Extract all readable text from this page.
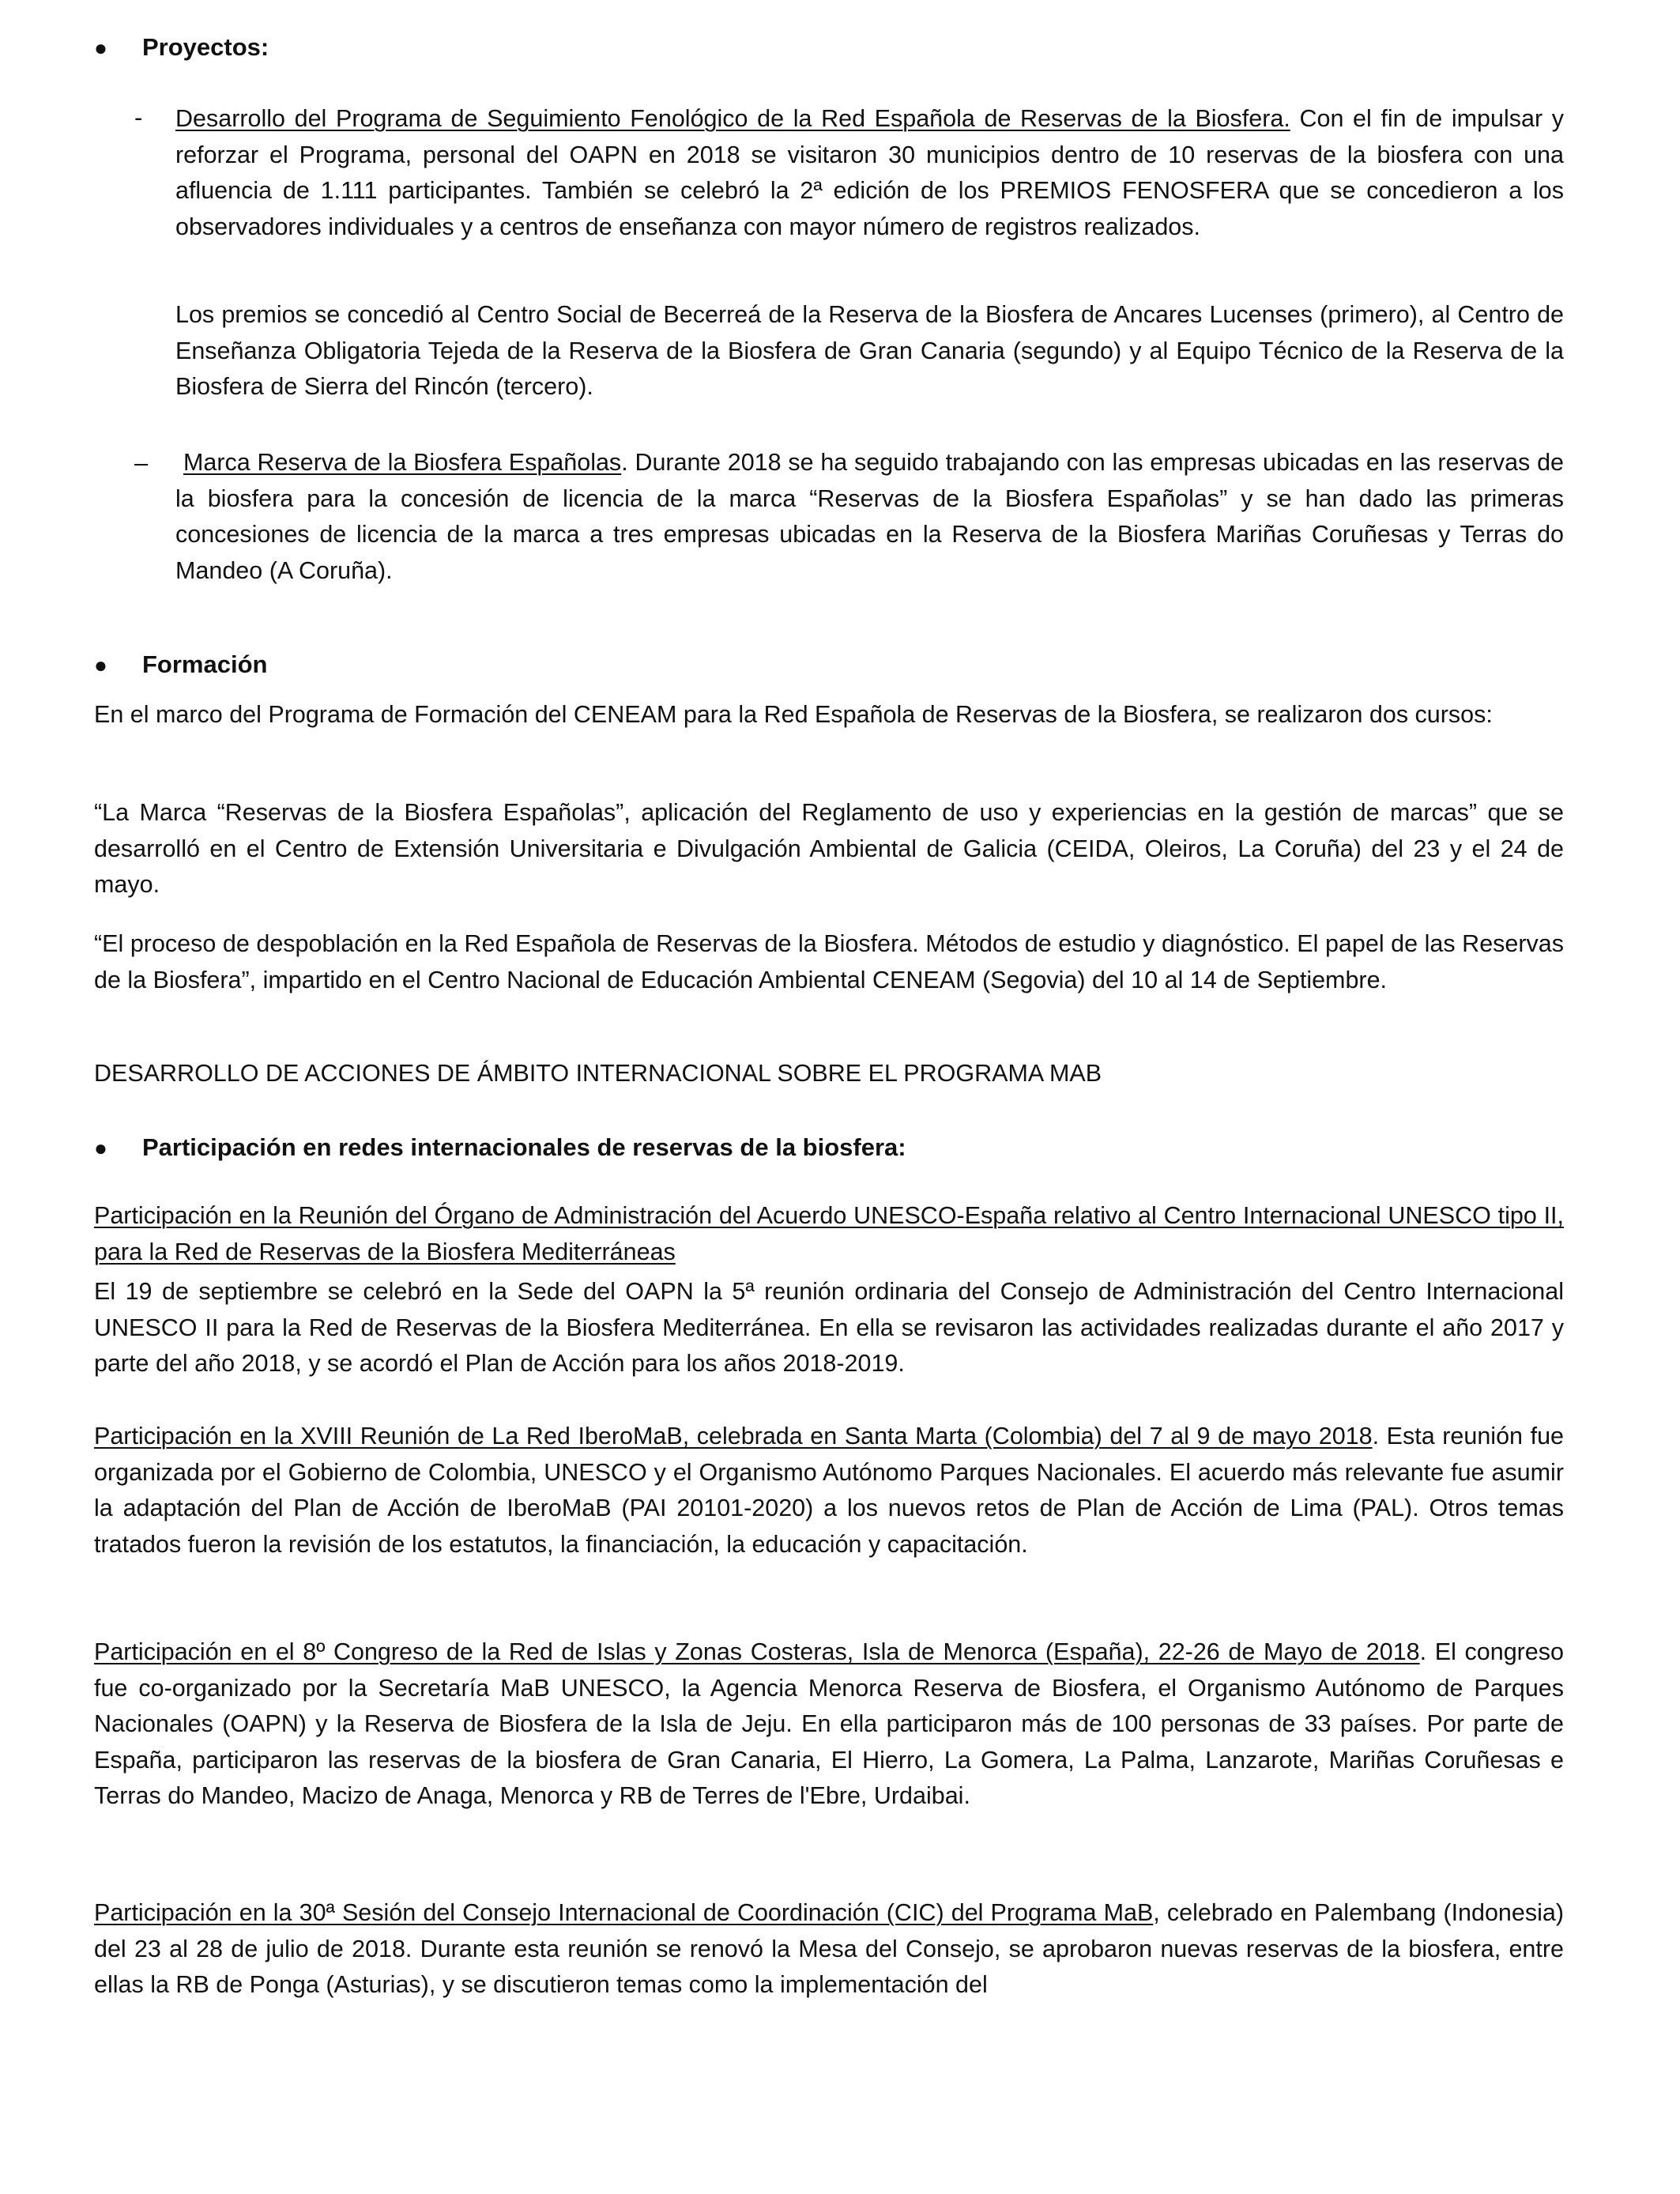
● Proyectos:

- Desarrollo del Programa de Seguimiento Fenológico de la Red Española de Reservas de la Biosfera. Con el fin de impulsar y reforzar el Programa, personal del OAPN en 2018 se visitaron 30 municipios dentro de 10 reservas de la biosfera con una afluencia de 1.111 participantes. También se celebró la 2ª edición de los PREMIOS FENOSFERA que se concedieron a los observadores individuales y a centros de enseñanza con mayor número de registros realizados.

Los premios se concedió al Centro Social de Becerreá de la Reserva de la Biosfera de Ancares Lucenses (primero), al Centro de Enseñanza Obligatoria Tejeda de la Reserva de la Biosfera de Gran Canaria (segundo) y al Equipo Técnico de la Reserva de la Biosfera de Sierra del Rincón (tercero).

–	Marca Reserva de la Biosfera Españolas. Durante 2018 se ha seguido trabajando con las empresas ubicadas en las reservas de la biosfera para la concesión de licencia de la marca “Reservas de la Biosfera Españolas” y se han dado las primeras concesiones de licencia de la marca a tres empresas ubicadas en la Reserva de la Biosfera Mariñas Coruñesas y Terras do Mandeo (A Coruña).

● Formación

En el marco del Programa de Formación del CENEAM para la Red Española de Reservas de la Biosfera, se realizaron dos cursos:

“La Marca “Reservas de la Biosfera Españolas”, aplicación del Reglamento de uso y experiencias en la gestión de marcas” que se desarrolló en el Centro de Extensión Universitaria e Divulgación Ambiental de Galicia (CEIDA, Oleiros, La Coruña) del 23 y el 24 de mayo.

“El proceso de despoblación en la Red Española de Reservas de la Biosfera. Métodos de estudio y diagnóstico. El papel de las Reservas de la Biosfera”, impartido en el Centro Nacional de Educación Ambiental CENEAM (Segovia) del 10 al 14 de Septiembre.

DESARROLLO DE ACCIONES DE ÁMBITO INTERNACIONAL SOBRE EL PROGRAMA MAB

● Participación en redes internacionales de reservas de la biosfera:

Participación en la Reunión del Órgano de Administración del Acuerdo UNESCO-España relativo al Centro Internacional UNESCO tipo II, para la Red de Reservas de la Biosfera Mediterráneas

El 19 de septiembre se celebró en la Sede del OAPN la 5ª reunión ordinaria del Consejo de Administración del Centro Internacional UNESCO II para la Red de Reservas de la Biosfera Mediterránea. En ella se revisaron las actividades realizadas durante el año 2017 y parte del año 2018, y se acordó el Plan de Acción para los años 2018-2019.

Participación en la XVIII Reunión de La Red IberoMaB, celebrada en Santa Marta (Colombia) del 7 al 9 de mayo 2018. Esta reunión fue organizada por el Gobierno de Colombia, UNESCO y el Organismo Autónomo Parques Nacionales. El acuerdo más relevante fue asumir la adaptación del Plan de Acción de IberoMaB (PAI 20101-2020) a los nuevos retos de Plan de Acción de Lima (PAL). Otros temas tratados fueron la revisión de los estatutos, la financiación, la educación y capacitación.

Participación en el 8º Congreso de la Red de Islas y Zonas Costeras, Isla de Menorca (España), 22-26 de Mayo de 2018. El congreso fue co-organizado por la Secretaría MaB UNESCO, la Agencia Menorca Reserva de Biosfera, el Organismo Autónomo de Parques Nacionales (OAPN) y la Reserva de Biosfera de la Isla de Jeju. En ella participaron más de 100 personas de 33 países. Por parte de España, participaron las reservas de la biosfera de Gran Canaria, El Hierro, La Gomera, La Palma, Lanzarote, Mariñas Coruñesas e Terras do Mandeo, Macizo de Anaga, Menorca y RB de Terres de l'Ebre, Urdaibai.

Participación en la 30ª Sesión del Consejo Internacional de Coordinación (CIC) del Programa MaB, celebrado en Palembang (Indonesia) del 23 al 28 de julio de 2018. Durante esta reunión se renovó la Mesa del Consejo, se aprobaron nuevas reservas de la biosfera, entre ellas la RB de Ponga (Asturias), y se discutieron temas como la implementación del
